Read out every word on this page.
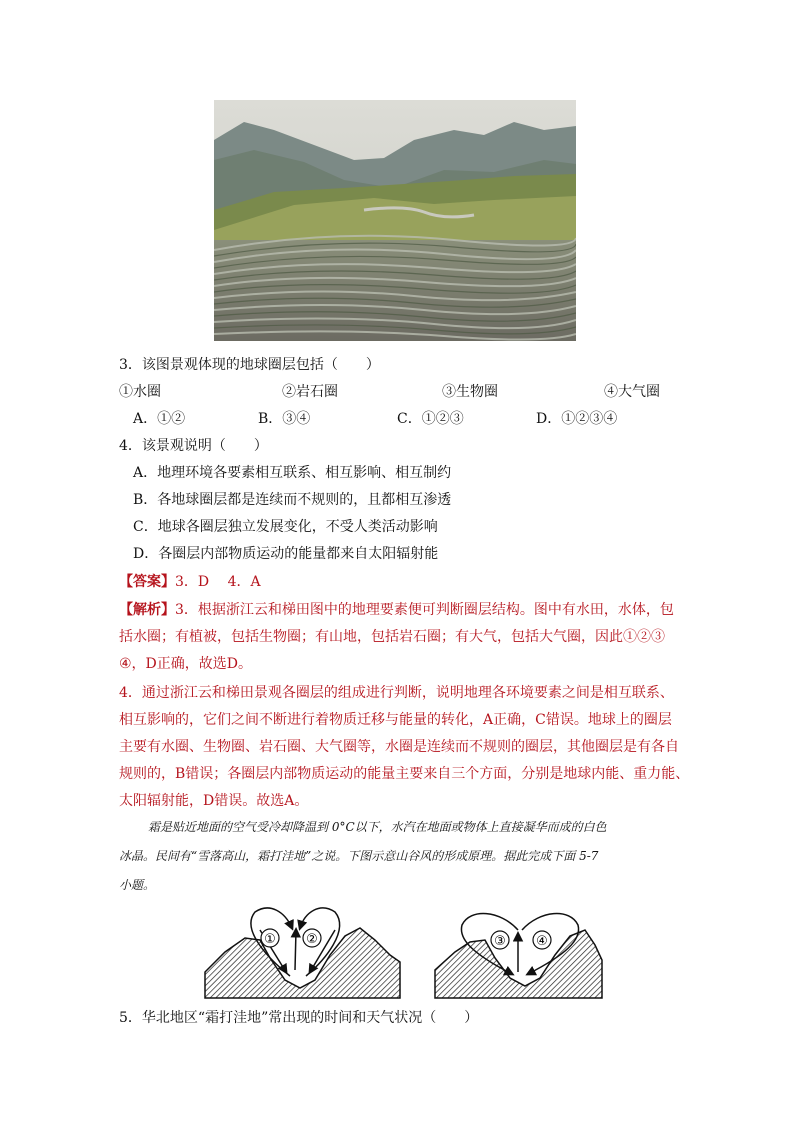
3．该图景观体现的地球圈层包括（　　）
①水圈	②岩石圈	③生物圈	④大气圈
A．①②	B．③④	C．①②③	D．①②③④
4．该景观说明（　　）
A．地理环境各要素相互联系、相互影响、相互制约
B．各地球圈层都是连续而不规则的，且都相互渗透
C．地球各圈层独立发展变化，不受人类活动影响
D．各圈层内部物质运动的能量都来自太阳辐射能
【答案】3．D　 4．A
【解析】3．根据浙江云和梯田图中的地理要素便可判断圈层结构。图中有水田，水体，包
括水圈；有植被，包括生物圈；有山地，包括岩石圈；有大气，包括大气圈，因此①②③
④，D正确，故选D。
4．通过浙江云和梯田景观各圈层的组成进行判断，说明地理各环境要素之间是相互联系、
相互影响的，它们之间不断进行着物质迁移与能量的转化，A正确，C错误。地球上的圈层
主要有水圈、生物圈、岩石圈、大气圈等，水圈是连续而不规则的圈层，其他圈层是有各自
规则的，B错误；各圈层内部物质运动的能量主要来自三个方面，分别是地球内能、重力能、
太阳辐射能，D错误。故选A。
霜是贴近地面的空气受冷却降温到 0°C以下，水汽在地面或物体上直接凝华而成的白色
冰晶。民间有“雪落高山，霜打洼地”之说。下图示意山谷风的形成原理。据此完成下面 5-7
小题。
① ②	③ ④
5．华北地区“霜打洼地”常出现的时间和天气状况（　　）
